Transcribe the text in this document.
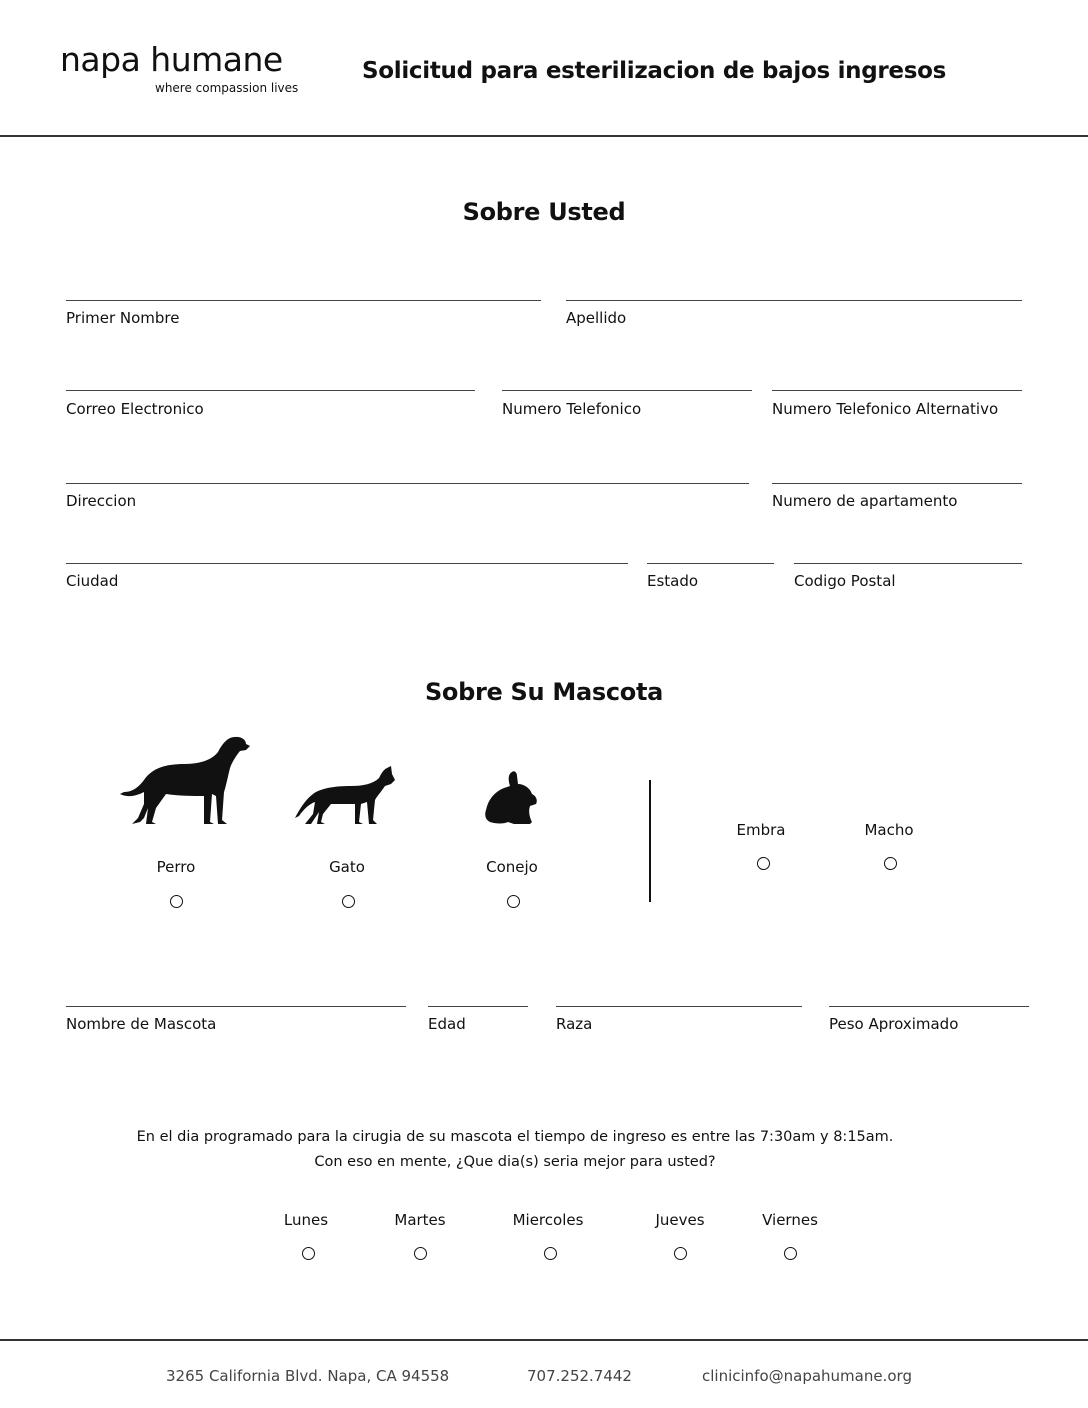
napa humane
where compassion lives
Solicitud para esterilizacion de bajos ingresos
Sobre Usted
Primer Nombre	Apellido
Correo Electronico	Numero Telefonico	Numero Telefonico Alternativo
Direccion	Numero de apartamento
Ciudad	Estado	Codigo Postal
Sobre Su Mascota
Perro	Gato	Conejo
Embra	Macho
Nombre de Mascota	Edad	Raza	Peso Aproximado
En el dia programado para la cirugia de su mascota el tiempo de ingreso es entre las 7:30am y 8:15am.
Con eso en mente, ¿Que dia(s) seria mejor para usted?
Lunes	Martes	Miercoles	Jueves	Viernes
3265 California Blvd. Napa, CA 94558	707.252.7442	clinicinfo@napahumane.org
